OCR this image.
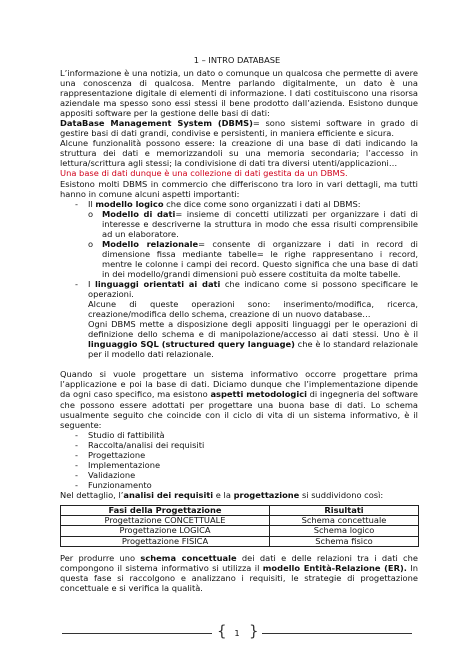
1 – INTRO DATABASE

L’informazione è una notizia, un dato o comunque un qualcosa che permette di avere una conoscenza di qualcosa. Mentre parlando digitalmente, un dato è una rappresentazione digitale di elementi di informazione. I dati costituiscono una risorsa aziendale ma spesso sono essi stessi il bene prodotto dall’azienda. Esistono dunque appositi software per la gestione delle basi di dati:

DataBase Management System (DBMS)= sono sistemi software in grado di gestire basi di dati grandi, condivise e persistenti, in maniera efficiente e sicura.

Alcune funzionalità possono essere: la creazione di una base di dati indicando la struttura dei dati e memorizzandoli su una memoria secondaria; l’accesso in lettura/scrittura agli stessi; la condivisione di dati tra diversi utenti/applicazioni…

Una base di dati dunque è una collezione di dati gestita da un DBMS.

Esistono molti DBMS in commercio che differiscono tra loro in vari dettagli, ma tutti hanno in comune alcuni aspetti importanti:

- Il modello logico che dice come sono organizzati i dati al DBMS:
o Modello di dati= insieme di concetti utilizzati per organizzare i dati di interesse e descriverne la struttura in modo che essa risulti comprensibile ad un elaboratore.
o Modello relazionale= consente di organizzare i dati in record di dimensione fissa mediante tabelle= le righe rappresentano i record, mentre le colonne i campi dei record. Questo significa che una base di dati in dei modello/grandi dimensioni può essere costituita da molte tabelle.
- I linguaggi orientati ai dati che indicano come si possono specificare le operazioni.
Alcune di queste operazioni sono: inserimento/modifica, ricerca, creazione/modifica dello schema, creazione di un nuovo database…
Ogni DBMS mette a disposizione degli appositi linguaggi per le operazioni di definizione dello schema e di manipolazione/accesso ai dati stessi. Uno è il linguaggio SQL (structured query language) che è lo standard relazionale per il modello dati relazionale.

Quando si vuole progettare un sistema informativo occorre progettare prima l’applicazione e poi la base di dati. Diciamo dunque che l’implementazione dipende da ogni caso specifico, ma esistono aspetti metodologici di ingegneria del software che possono essere adottati per progettare una buona base di dati. Lo schema usualmente seguito che coincide con il ciclo di vita di un sistema informativo, è il seguente:

- Studio di fattibilità
- Raccolta/analisi dei requisiti
- Progettazione
- Implementazione
- Validazione
- Funzionamento

Nel dettaglio, l’analisi dei requisiti e la progettazione si suddividono così:

Fasi della Progettazione	Risultati
Progettazione CONCETTUALE	Schema concettuale
Progettazione LOGICA	Schema logico
Progettazione FISICA	Schema fisico

Per produrre uno schema concettuale dei dati e delle relazioni tra i dati che compongono il sistema informativo si utilizza il modello Entità-Relazione (ER). In questa fase si raccolgono e analizzano i requisiti, le strategie di progettazione concettuale e si verifica la qualità.

{ 1 }
